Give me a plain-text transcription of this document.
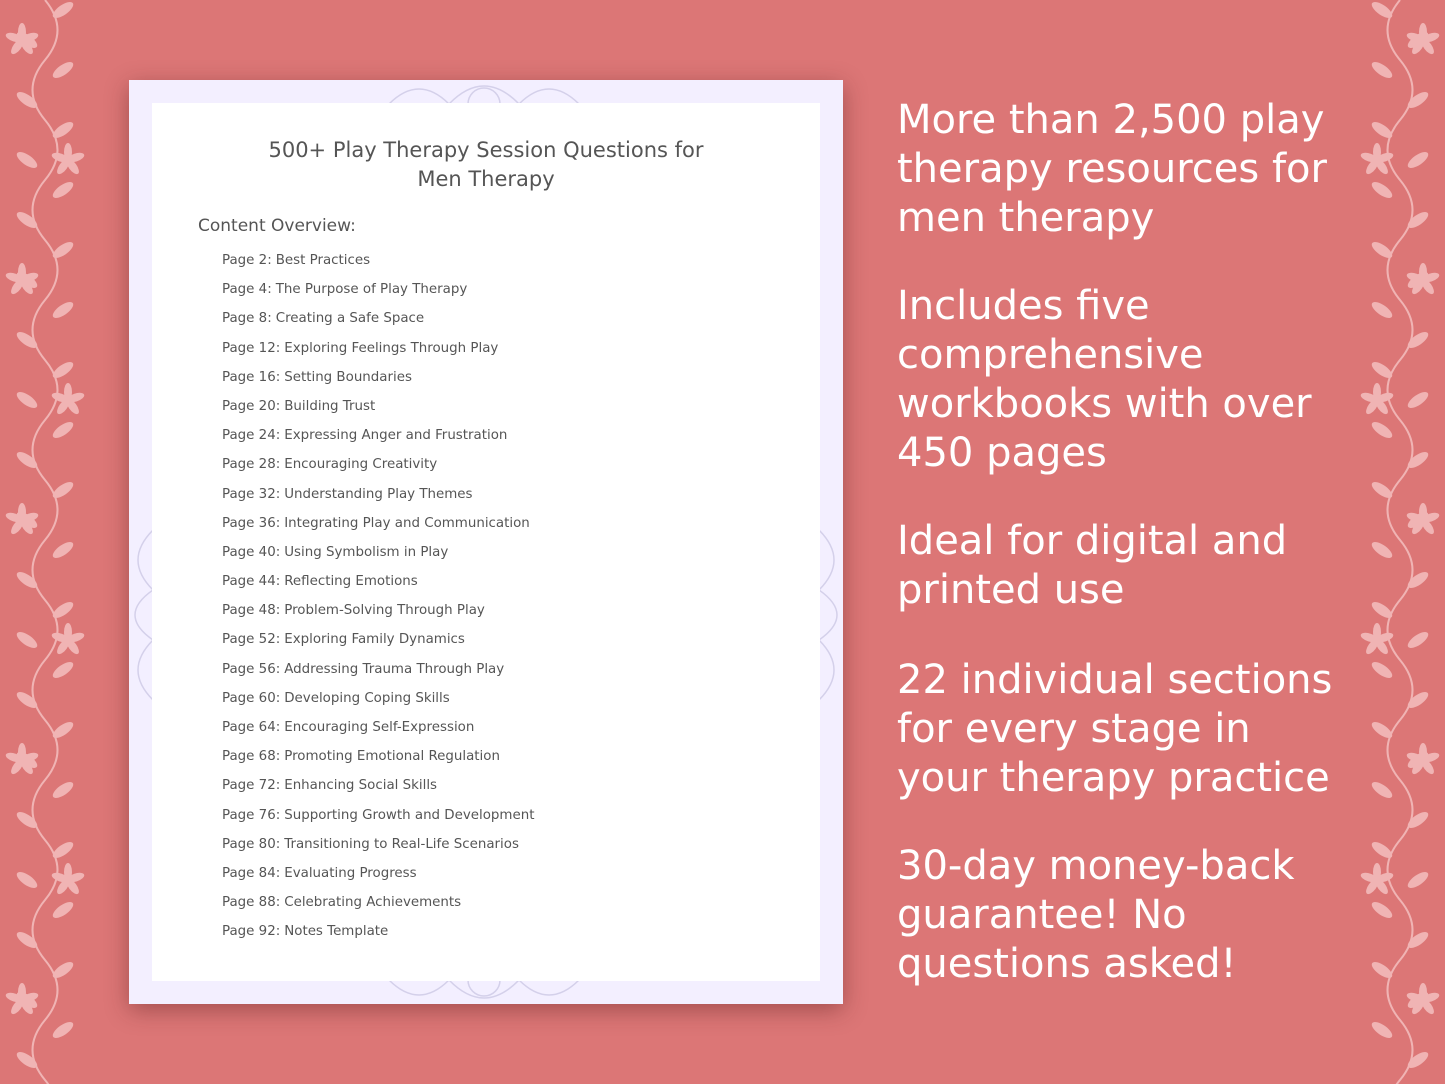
500+ Play Therapy Session Questions for
Men Therapy
Content Overview:
Page 2: Best Practices
Page 4: The Purpose of Play Therapy
Page 8: Creating a Safe Space
Page 12: Exploring Feelings Through Play
Page 16: Setting Boundaries
Page 20: Building Trust
Page 24: Expressing Anger and Frustration
Page 28: Encouraging Creativity
Page 32: Understanding Play Themes
Page 36: Integrating Play and Communication
Page 40: Using Symbolism in Play
Page 44: Reflecting Emotions
Page 48: Problem-Solving Through Play
Page 52: Exploring Family Dynamics
Page 56: Addressing Trauma Through Play
Page 60: Developing Coping Skills
Page 64: Encouraging Self-Expression
Page 68: Promoting Emotional Regulation
Page 72: Enhancing Social Skills
Page 76: Supporting Growth and Development
Page 80: Transitioning to Real-Life Scenarios
Page 84: Evaluating Progress
Page 88: Celebrating Achievements
Page 92: Notes Template

More than 2,500 play therapy resources for men therapy

Includes five comprehensive workbooks with over 450 pages

Ideal for digital and printed use

22 individual sections for every stage in your therapy practice

30-day money-back guarantee! No questions asked!
